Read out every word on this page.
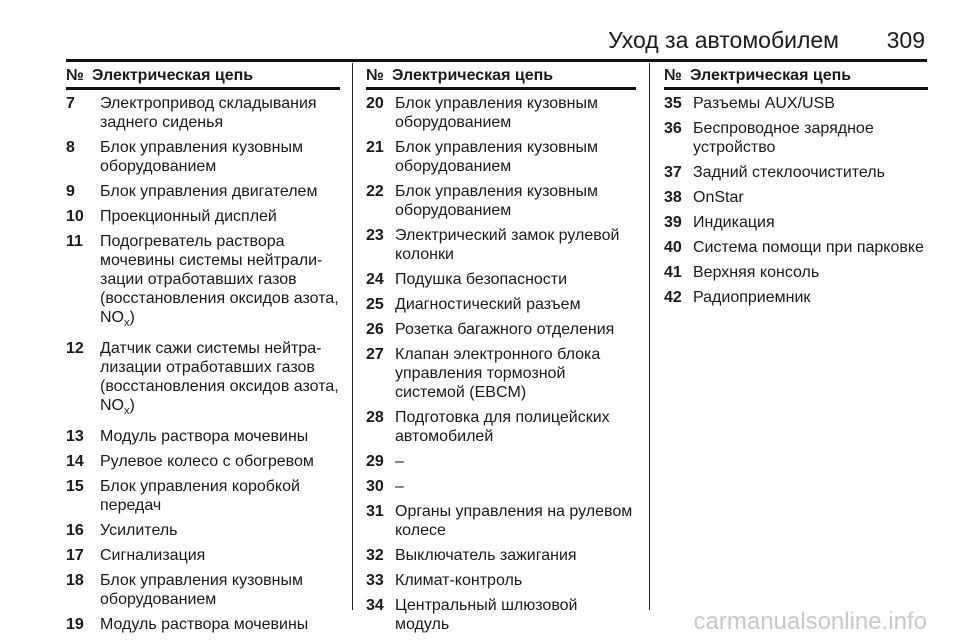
Уход за автомобилем 309
№ Электрическая цепь
7	Электропривод складывания заднего сиденья
8	Блок управления кузовным оборудованием
9	Блок управления двигателем
10	Проекционный дисплей
11	Подогреватель раствора мочевины системы нейтрали-зации отработавших газов (восстановления оксидов азота, $NO_x$)
12	Датчик сажи системы нейтра-лизации отработавших газов (восстановления оксидов азота, $NO_x$)
13	Модуль раствора мочевины
14	Рулевое колесо с обогревом
15	Блок управления коробкой передач
16	Усилитель
17	Сигнализация
18	Блок управления кузовным оборудованием
19	Модуль раствора мочевины
№ Электрическая цепь
20 Блок управления кузовным оборудованием
21 Блок управления кузовным оборудованием
22 Блок управления кузовным оборудованием
23 Электрический замок рулевой колонки
24 Подушка безопасности
25 Диагностический разъем
26 Розетка багажного отделения
27 Клапан электронного блока управления тормозной системой (EBCM)
28 Подготовка для полицейских автомобилей
29 –
30 –
31 Органы управления на рулевом колесе
32 Выключатель зажигания
33 Климат-контроль
34 Центральный шлюзовой модуль
№ Электрическая цепь
35 Разъемы AUX/USB
36 Беспроводное зарядное устройство
37 Задний стеклоочиститель
38 OnStar
39 Индикация
40 Система помощи при парковке
41 Верхняя консоль
42 Радиоприемник
carmanualsonline.info
